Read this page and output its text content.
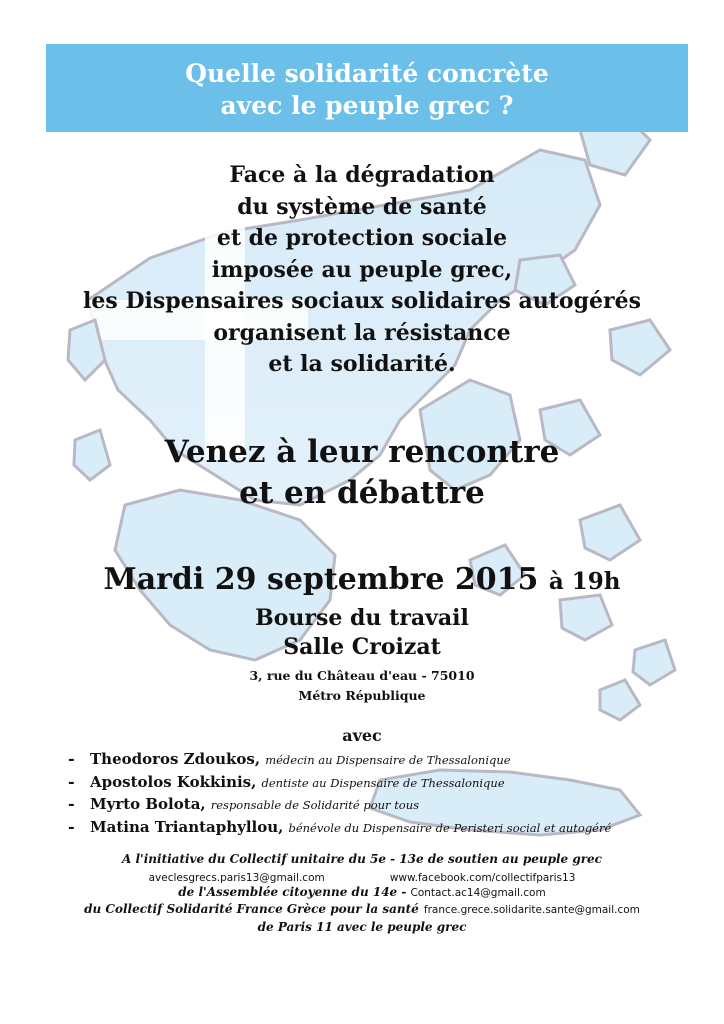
Quelle solidarité concrète
avec le peuple grec ?
Face à la dégradation
du système de santé
et de protection sociale
imposée au peuple grec,
les Dispensaires sociaux solidaires autogérés
organisent la résistance
et la solidarité.
Venez à leur rencontre
et en débattre
Mardi 29 septembre 2015 à 19h
Bourse du travail
Salle Croizat
3, rue du Château d'eau - 75010
Métro République
avec
- Theodoros Zdoukos, médecin au Dispensaire de Thessalonique
- Apostolos Kokkinis, dentiste au Dispensaire de Thessalonique
- Myrto Bolota, responsable de Solidarité pour tous
- Matina Triantaphyllou, bénévole du Dispensaire de Peristeri social et autogéré
A l'initiative du Collectif unitaire du 5e - 13e de soutien au peuple grec
aveclesgrecs.paris13@gmail.com	www.facebook.com/collectifparis13
de l'Assemblée citoyenne du 14e - Contact.ac14@gmail.com
du Collectif Solidarité France Grèce pour la santé france.grece.solidarite.sante@gmail.com
de Paris 11 avec le peuple grec
